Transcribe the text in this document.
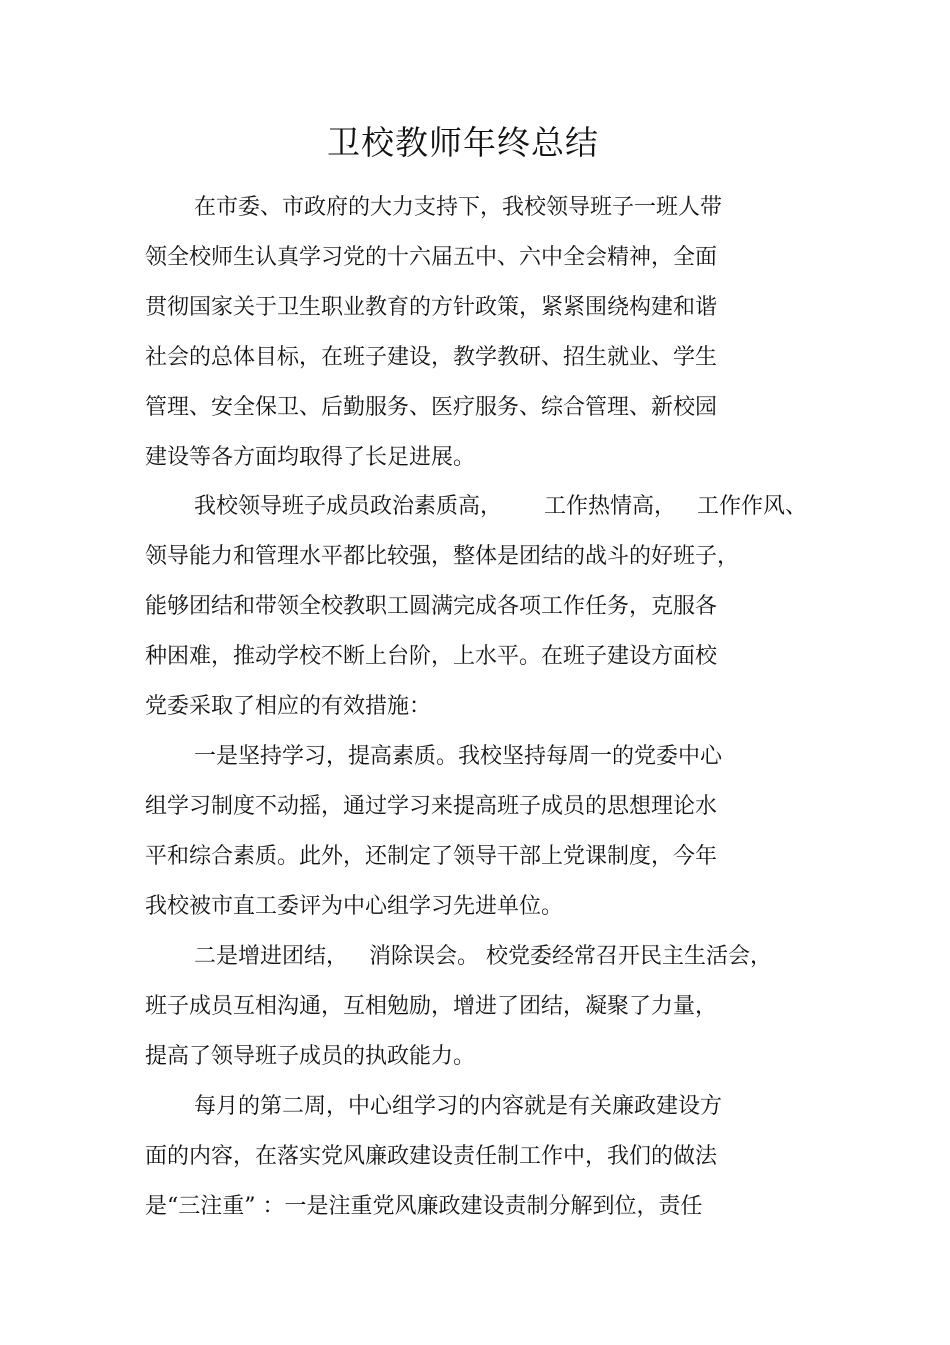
卫校教师年终总结

在市委、市政府的大力支持下，我校领导班子一班人带

领全校师生认真学习党的十六届五中、六中全会精神，全面

贯彻国家关于卫生职业教育的方针政策，紧紧围绕构建和谐

社会的总体目标，在班子建设，教学教研、招生就业、学生

管理、安全保卫、后勤服务、医疗服务、综合管理、新校园

建设等各方面均取得了长足进展。

我校领导班子成员政治素质高，      工作热情高，   工作作风、

领导能力和管理水平都比较强，整体是团结的战斗的好班子，

能够团结和带领全校教职工圆满完成各项工作任务，克服各

种困难，推动学校不断上台阶，上水平。在班子建设方面校

党委采取了相应的有效措施：

一是坚持学习，提高素质。我校坚持每周一的党委中心

组学习制度不动摇，通过学习来提高班子成员的思想理论水

平和综合素质。此外，还制定了领导干部上党课制度，今年

我校被市直工委评为中心组学习先进单位。

二是增进团结，   消除误会。 校党委经常召开民主生活会，

班子成员互相沟通，互相勉励，增进了团结，凝聚了力量，

提高了领导班子成员的执政能力。

每月的第二周，中心组学习的内容就是有关廉政建设方

面的内容，在落实党风廉政建设责任制工作中，我们的做法

是“三注重” ：一是注重党风廉政建设责制分解到位，责任
